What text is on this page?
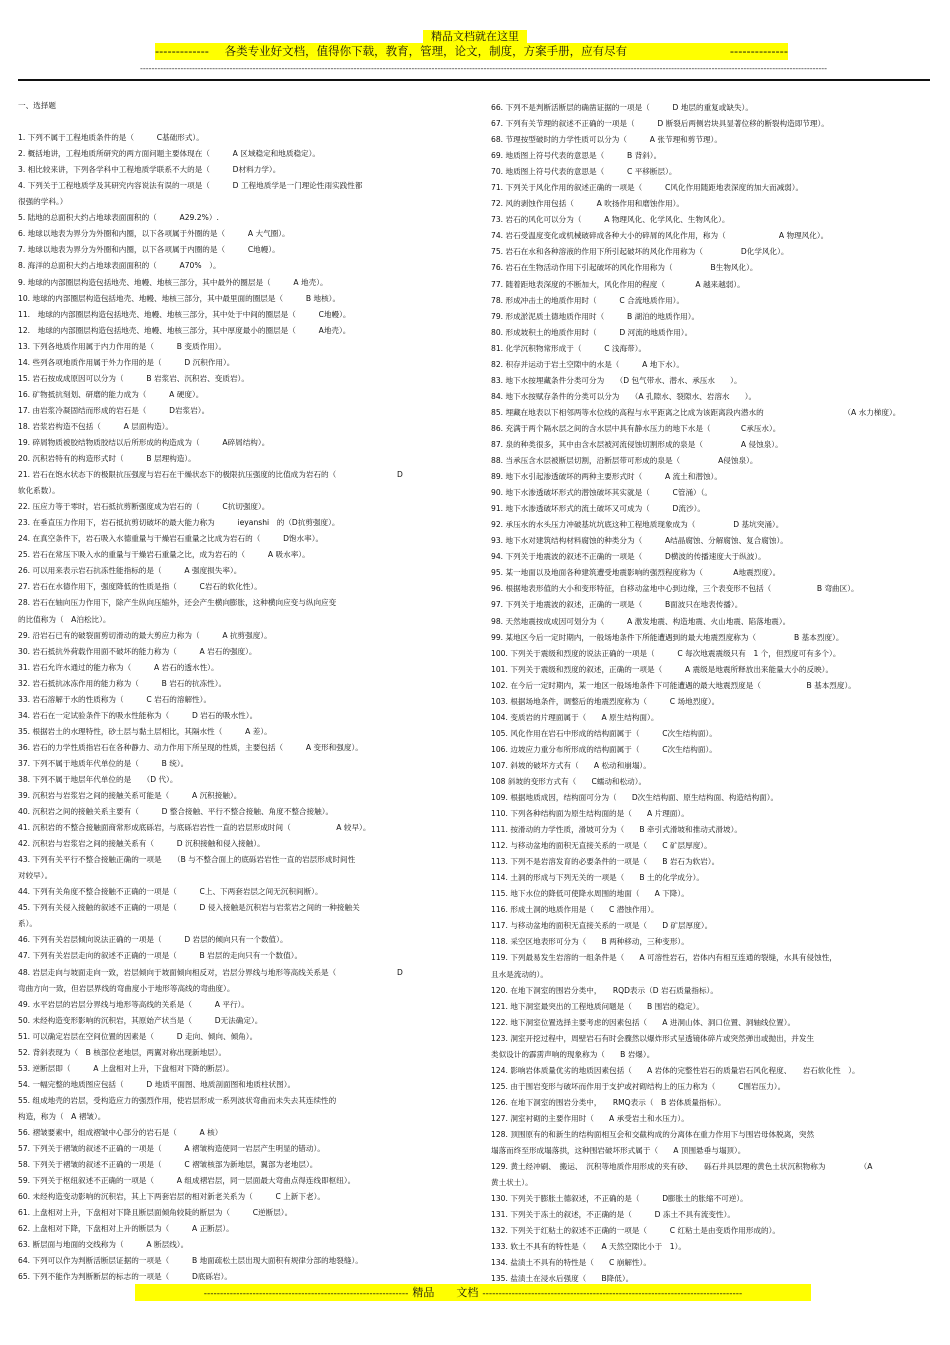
精品文档就在这里
------------- 各类专业好文档，值得你下载，教育，管理，论文，制度，方案手册，应有尽有	--------------
----------------------------------------------------------------------------------------------------------------------------------------------------------------------------------------------------------------------------------------------
一、选择题
1. 下列不属于工程地质条件的是（　　　C基础形式）。
2. 概括地讲，工程地质所研究的两方面问题主要体现在（　　　A 区域稳定和地质稳定）。
3. 相比较来讲，下列各学科中工程地质学联系不大的是（　　　D材料力学）。
4. 下列关于工程地质学及其研究内容说法有误的一项是（　　　D 工程地质学是一门理论性雨实践性都
很强的学科。）
5. 陆地的总面积大约占地球表面面积的（　　　A29.2%）.
6. 地球以地表为界分为外圈和内圈，以下各项属于外圈的是（　　　A 大气圈）。
7. 地球以地表为界分为外圈和内圈，以下各项属于内圈的是（　　　C地幔）。
8. 海洋的总面积大约占地球表面面积的（　　　A70%　）。
9. 地球的内部圈层构造包括地壳、地幔、地核三部分，其中最外的圈层是（　　　A 地壳）。
10. 地球的内部圈层构造包括地壳、地幔、地核三部分，其中最里面的圈层是（　　　B 地核）。
11.　地球的内部圈层构造包括地壳、地幔、地核三部分，其中处于中间的圈层是（　　　C地幔）。
12.　地球的内部圈层构造包括地壳、地幔、地核三部分，其中厚度最小的圈层是（　　　A地壳）。
13. 下列各地质作用属于内力作用的是（　　　B 变质作用）。
14. 些列各项地质作用属于外力作用的是（　　　D 沉积作用）。
15. 岩石按成成原因可以分为（　　　B 岩浆岩、沉积岩、变质岩）。
16. 矿物抵抗刻划、研磨的能力成为（　　　A 硬度）。
17. 由岩浆冷凝固结而形成的岩石是（　　　D岩浆岩）。
18. 岩浆岩构造不包括（　　　A 层面构造）。
19. 碎屑物质被胶结物质胶结以后所形成的构造成为（　　　A碎屑结构）。
20. 沉积岩特有的构造形式时（　　　B 层理构造）。
21. 岩石在饱水状态下的极限抗压强度与岩石在干燥状态下的极限抗压强度的比值成为岩石的（　　　　　　　　D
软化系数）。
22. 压应力等于零时，岩石抵抗剪断强度成为岩石的（　　　C抗切强度）。
23. 在垂直压力作用下，岩石抵抗剪切破坏的最大能力称为　　　ieyanshi　的（D抗剪强度）。
24. 在真空条件下，岩石吸入水德重量与干燥岩石重量之比成为岩石的（　　　D饱水率）。
25. 岩石在常压下吸入水的重量与干燥岩石重量之比，成为岩石的（　　　A 吸水率）。
26. 可以用来表示岩石抗冻性能指标的是（　　　A 强度损失率）。
27. 岩石在水德作用下，强度降低的性质是指（　　　C岩石的软化性）。
28. 岩石在轴向压力作用下，除产生纵向压缩外，还会产生横向膨胀，这种横向应变与纵向应变
的比值称为（　A泊松比）。
29. 沿岩石已有的破裂面剪切滑动的最大剪应力称为（　　　A 抗剪强度）。
30. 岩石抵抗外荷载作用面不破坏的能力称为（　　　A 岩石的强度）。
31. 岩石允许水通过的能力称为（　　　A 岩石的透水性）。
32. 岩石抵抗冰冻作用的能力称为（　　　B 岩石的抗冻性）。
33. 岩石溶解于水的性质称为（　　　C 岩石的溶解性）。
34. 岩石在一定试验条件下的吸水性能称为（　　　D 岩石的吸水性）。
35. 根据岩土的水理特性，砂土层与黏土层相比，其隔水性（　　　A 差）。
36. 岩石的力学性质指岩石在各种静力、动力作用下所呈现的性质，主要包括（　　　A 变形和强度）。
37. 下列不属于地质年代单位的是（　　　B 统）。
38. 下列不属于地层年代单位的是　　（D 代）。
39. 沉积岩与岩浆岩之间的接触关系可能是（　　　A 沉积接触）。
40. 沉积岩之间的接触关系主要有（　　　D 整合接触、平行不整合接触、角度不整合接触）。
41. 沉积岩的不整合接触面商常形成底砾岩，与底砾岩岩性一直的岩层形成时间（　　　　　　A 较早）。
42. 沉积岩与岩浆岩之间的接触关系有（　　　D 沉积接触和侵入接触）。
43. 下列有关平行不整合接触正确的一项是　　（B 与不整合面上的底砾岩岩性一直的岩层形成时间性
对较早）。
44. 下列有关角度不整合接触不正确的一项是（　　　C上、下两套岩层之间无沉积间断）。
45. 下列有关侵入接触的叙述不正确的一项是（　　　D 侵入接触是沉积岩与岩浆岩之间的一种接触关
系）。
46. 下列有关岩层倾向说法正确的一项是（　　　D 岩层的倾向只有一个数值）。
47. 下列有关岩层走向的叙述不正确的一项是（　　　B 岩层的走向只有一个数值）。
48. 岩层走向与坡面走向一致，岩层倾向于坡面倾向相反对，岩层分界线与地形等高线关系是（　　　　　　　　D
弯曲方向一致，但岩层界线的弯曲度小于地形等高线的弯曲度）。
49. 水平岩层的岩层分界线与地形等高线的关系是（　　　A 平行）。
50. 未经构造变形影响的沉积岩，其原始产状当是（　　　D无法确定）。
51. 可以确定岩层在空间位置的因素是（　　　D 走向、倾向、倾角）。
52. 背斜表现为（　B 核部位老地层，两翼对称出现新地层）。
53. 逆断层即（　　　A 上盘相对上升，下盘相对下降的断层）。
54. 一幅完整的地质图应包括（　　　D 地质平面图、地质剖面图和地质柱状图）。
55. 组成地壳的岩层，受构造应力的强烈作用，使岩层形成一系列波状弯曲而未失去其连续性的
构造，称为（　A 褶皱）。
56. 褶皱要素中，组成褶皱中心部分的岩石是（　　　A 核）
57. 下列关于褶皱的叙述不正确的一项是（　　　A 褶皱构造使同一岩层产生明显的错动）。
58. 下列关于褶皱的叙述不正确的一项是（　　　C 褶皱核部为新地层，翼部为老地层）。
59. 下列关于枢纽叙述不正确的一项是（　　　A 组成褶岩层，同一层面最大弯曲点得连线即枢纽）。
60. 未经构造变动影响的沉积岩，其上下两套岩层的相对新老关系为（　　　C 上新下老）。
61. 上盘相对上升，下盘相对下降且断层面倾角较陡的断层为（　　　C逆断层）。
62. 上盘相对下降，下盘相对上升的断层为（　　　A 正断层）。
63. 断层面与地面的交线称为（　　　A 断层线）。
64. 下列可以作为判断活断层证据的一项是（　　　B 地面疏松土层出现大面积有规律分部的地裂缝）。
65. 下列不能作为判断断层的标志的一项是（　　　D底砾岩）。
66. 下列不是判断活断层的确凿证据的一项是（　　　D 地层的重复或缺失）。
67. 下列有关节理的叙述不正确的一项是（　　　D 断裂后两侧岩块具显著位移的断裂构造即节理）。
68. 节理按型破时的力学性质可以分为（　　　A 张节理和剪节理）。
69. 地质图上符号代表的意思是（　　　B 背斜）。
70. 地质图上符号代表的意思是（　　　C 平移断层）。
71. 下列关于风化作用的叙述正确的一项是（　　　C风化作用随距地表深度的加大而减弱）。
72. 风的剥蚀作用包括（　　　A 吹扬作用和磨蚀作用）。
73. 岩石的风化可以分为（　　　A 物理风化、化学风化、生物风化）。
74. 岩石受温度变化或机械破碎成各种大小的碎屑的风化作用，称为（　　　　　　　A 物理风化）。
75. 岩石在水和各种溶液的作用下所引起破坏的风化作用称为（　　　　　D化学风化）。
76. 岩石在生物活动作用下引起破坏的风化作用称为（　　　　　B生物风化）。
77. 随着距地表深度的不断加大，风化作用的程度（　　　　A 越来越弱）。
78. 形成冲击土的地质作用时（　　　C 合流地质作用）。
79. 形成淤泥质土德地质作用时（　　　B 湖泊的地质作用）。
80. 形成坡积土的地质作用时（　　　D 河流的地质作用）。
81. 化学沉积物常形成于（　　　C 浅海带）。
82. 积存并运动于岩土空隙中的水是（　　　A 地下水）。
83. 地下水按埋藏条件分类可分为　　（D 包气带水、潜水、承压水　　）。
84. 地下水按赋存条件的分类可以分为　　（A 孔隙水、裂隙水、岩溶水　　）。
85. 埋藏在地表以下相邻两等水位线的高程与水平距离之比成为该距离段内潜水的　　　　　　　　　　　（A 水力梯度）。
86. 充满于两个隔水层之间的含水层中具有静水压力的地下水是（　　　　C承压水）。
87. 泉的种类很多，其中由含水层被河流侵蚀切割形成的泉是（　　　　　A 侵蚀泉）。
88. 当承压含水层被断层切割，沿断层带可形成的泉是（　　　　　A侵蚀泉）。
89. 地下水引起渗透破坏的两种主要形式时（　　　A 流土和潜蚀）。
90. 地下水渗透破坏形式的潜蚀破坏其实就是（　　　C管涌）（。
91. 地下水渗透破坏形式的流土破坏又可成为（　　　D流沙）。
92. 承压水的水头压力冲破基坑坑底这种工程地质现象成为（　　　　　D 基坑突涌）。
93. 地下水对建筑结构材料腐蚀的种类分为（　　　A结晶腐蚀、分解腐蚀、复合腐蚀）。
94. 下列关于地震波的叙述不正确的一项是（　　　D横波的传播速度大于纵波）。
95. 某一地面以及地面各种建筑遭受地震影响的强烈程度称为（　　　　A地震烈度）。
96. 根据地表形值的大小和变形特征，自移动盆地中心到边缘，三个表变形不包括（　　　　　　B 弯曲区）。
97. 下列关于地震波的叙述，正确的一项是（　　　B面波只在地表传播）。
98. 天然地震按成成因可划分为（　　　A 激发地震、构造地震、火山地震、陷落地震）。
99. 某地区今后一定时期内，一般场地条件下所能遭遇到的最大地震烈度称为（　　　　　B 基本烈度）。
100. 下列关于震级和烈度的说法正确的一项是（　　　C 每次地震震级只有　1 个，但烈度可有多个）。
101. 下列关于震级和烈度的叙述，正确的一项是（　　　A 震级是地震所释放出来能量大小的反映）。
102. 在今后一定时期内，某一地区一般场地条件下可能遭遇的最大地震烈度是（　　　　　　B 基本烈度）。
103. 根据场地条件，调整后的地震烈度称为（　　　C 场地烈度）。
104. 变质岩的片理面属于（　　A 原生结构面）。
105. 风化作用在岩石中形成的结构面属于（　　　C次生结构面）。
106. 边坡应力重分布所形成的结构面属于（　　　C次生结构面）。
107. 斜坡的破坏方式有（　　A 松动和崩塌）。
108 斜坡的变形方式有（　　C蠕动和松动）。
109. 根据地质成因，结构面可分为（　　D次生结构面、原生结构面、构造结构面）。
110. 下列各种结构面为原生结构面的是（　　A 片理面）。
111. 按滑动的力学性质，滑坡可分为（　　B 牵引式滑坡和推动式滑坡）。
112. 与移动盆地的面积无直接关系的一项是（　　C 矿层厚度）。
113. 下列不是岩溶发育的必要条件的一项是（　　B 岩石为软岩）。
114. 土洞的形成与下列无关的一项是（　　B 土的化学成分）。
115. 地下水位的降低可使降水周围的地面（　　A 下降）。
116. 形成土洞的地质作用是（　　C 潜蚀作用）。
117. 与移动盆地的面积无直接关系的一项是（　　D 矿层厚度）。
118. 采空区地表形可分为（　　B 两种移动，三种变形）。
119. 下列最易发生岩溶的一组条件是（　　A 可溶性岩石，岩体内有相互连通的裂缝，水具有侵蚀性，
且水是流动的）。
120. 在地下洞室的围岩分类中，　　RQD表示（D 岩石质量指标）。
121. 地下洞室最突出的工程地质问题是（　　B 围岩的稳定）。
122. 地下洞室位置选择主要考虑的因素包括（　　A 进洞山体、洞口位置、洞轴线位置）。
123. 洞室开挖过程中，周壁岩石有时会骤然以爆炸形式呈透镜体碎片或突然弹出或抛出，并发生
类似设计的霹雳声响的现象称为（　　B 岩爆）。
124. 影响岩体质量优劣的地质因素包括（　　A 岩体的完整性岩石的质量岩石风化程度、　　岩石软化性　）。
125. 由于围岩变形与破坏而作用于支护或衬砌结构上的压力称为（　　　C围岩压力）。
126. 在地下洞室的围岩分类中，　　RMQ表示（　B 岩体质量指标）。
127. 洞室衬砌的主要作用时（　　A 承受岩土和水压力）。
128. 顶围原有的和新生的结构面相互会和交截构成的分离体在重力作用下与围岩母体脱离，突然
塌落而终至形成塌落拱，这种围岩破坏形式属于（　　A 顶围悬垂与塌顶）。
129. 黄土经冲刷、　搬运、　沉积等地质作用形成的夹有砂、　　砾石并具层理的黄色土状沉积物称为　　　　　（A
黄土状土）。
130. 下列关于膨胀土德叙述，不正确的是（　　　D膨胀土的胀缩不可逆）。
131. 下列关于冻土的叙述，不正确的是（　　　D 冻土不具有流变性）。
132. 下列关于红粘土的叙述不正确的一项是（　　　C 红粘土是由变质作用形成的）。
133. 软土不具有的特性是（　　A 天然空隙比小于　1）。
134. 盐渍土不具有的特性是（　　C 崩解性）。
135. 盐渍土在浸水后强度（　　B降低）。
--------------------------------------------------------------- 精品　　文档 --------------------------------------------------------------------------------
